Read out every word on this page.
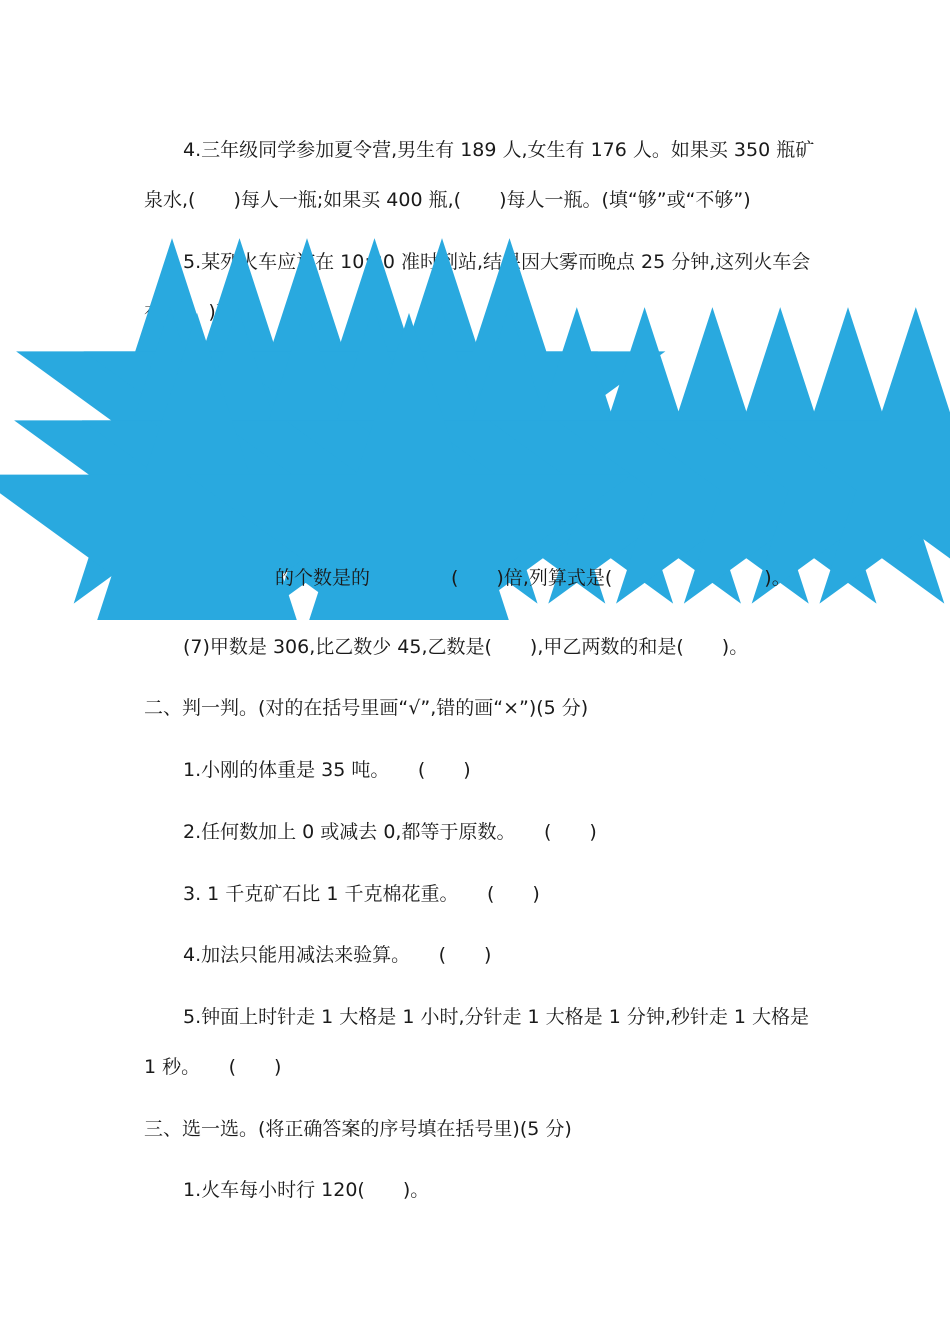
4.三年级同学参加夏令营,男生有 189 人,女生有 176 人。如果买 350 瓶矿
泉水,(　　)每人一瓶;如果买 400 瓶,(　　)每人一瓶。(填“够”或“不够”)
5.某列火车应该在 10:30 准时到站,结果因大雾而晚点 25 分钟,这列火车会
在(　　)到站。
的个数是的	(　　)倍,列算式是(　　　　　　　　)。
(7)甲数是 306,比乙数少 45,乙数是(　　),甲乙两数的和是(　　)。
二、判一判。(对的在括号里画“√”,错的画“×”)(5 分)
1.小刚的体重是 35 吨。　　(　　)
2.任何数加上 0 或减去 0,都等于原数。　　(　　)
3. 1 千克矿石比 1 千克棉花重。　　(　　)
4.加法只能用减法来验算。　　(　　)
5.钟面上时针走 1 大格是 1 小时,分针走 1 大格是 1 分钟,秒针走 1 大格是
1 秒。　　(　　)
三、选一选。(将正确答案的序号填在括号里)(5 分)
1.火车每小时行 120(　　)。
